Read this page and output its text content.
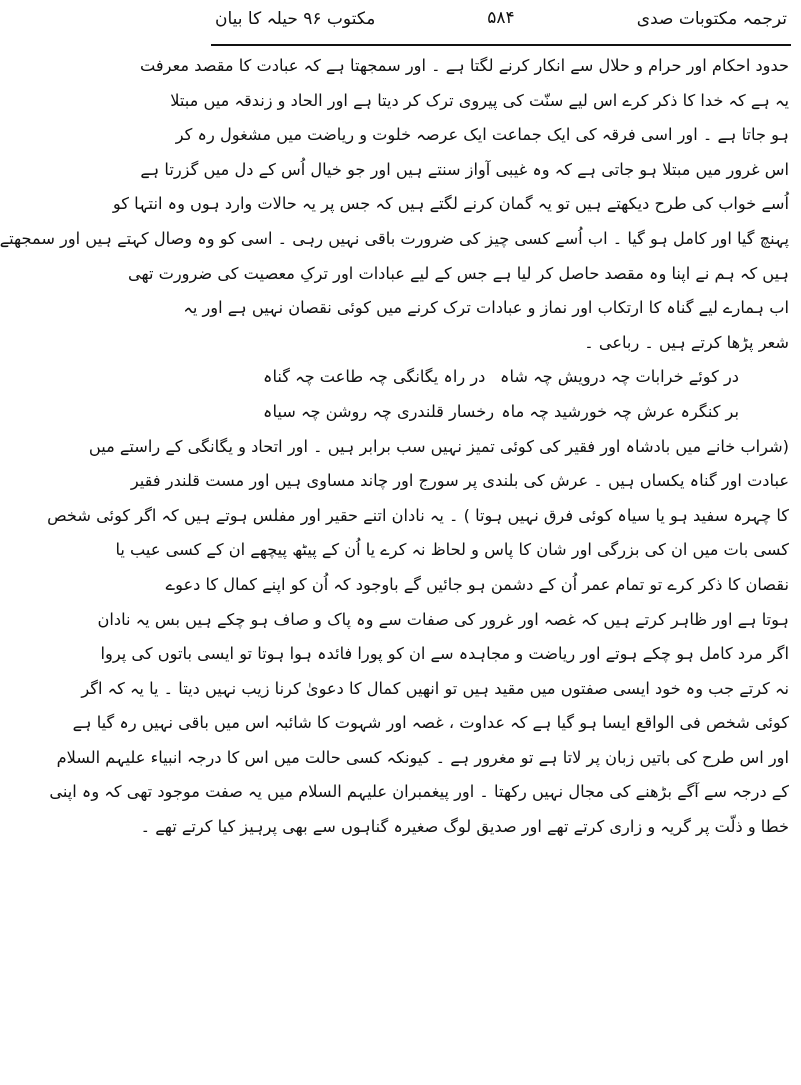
ترجمہ مکتوبات صدی
۵۸۴
مکتوب ۹۶ حیلہ کا بیان
حدود احکام اور حرام و حلال سے انکار کرنے لگتا ہے ۔ اور سمجھتا ہے کہ عبادت کا مقصد معرفت
یہ ہے کہ خدا کا ذکر کرے اس لیے سنّت کی پیروی ترک کر دیتا ہے اور الحاد و زندقہ میں مبتلا
ہو جاتا ہے ۔ اور اسی فرقہ کی ایک جماعت ایک عرصہ خلوت و ریاضت میں مشغول رہ کر
اس غرور میں مبتلا ہو جاتی ہے کہ وہ غیبی آواز سنتے ہیں اور جو خیال اُس کے دل میں گزرتا ہے
اُسے خواب کی طرح دیکھتے ہیں تو یہ گمان کرنے لگتے ہیں کہ جس پر یہ حالات وارد ہوں وہ انتہا کو
پہنچ گیا اور کامل ہو گیا ۔ اب اُسے کسی چیز کی ضرورت باقی نہیں رہی ۔ اسی کو وہ وصال کہتے ہیں اور سمجھتے
ہیں کہ ہم نے اپنا وہ مقصد حاصل کر لیا ہے جس کے لیے عبادات اور ترکِ معصیت کی ضرورت تھی
اب ہمارے لیے گناہ کا ارتکاب اور نماز و عبادات ترک کرنے میں کوئی نقصان نہیں ہے اور یہ
شعر پڑھا کرتے ہیں ۔ رباعی ۔
در کوئے خرابات چہ درویش چہ شاہ
در راہ یگانگی چہ طاعت چہ گناہ
بر کنگرہ عرش چہ خورشید چہ ماہ
رخسار قلندری چہ روشن چہ سیاہ
(شراب خانے میں بادشاہ اور فقیر کی کوئی تمیز نہیں سب برابر ہیں ۔ اور اتحاد و یگانگی کے راستے میں
عبادت اور گناہ یکساں ہیں ۔ عرش کی بلندی پر سورج اور چاند مساوی ہیں اور مست قلندر فقیر
کا چہرہ سفید ہو یا سیاہ کوئی فرق نہیں ہوتا ) ۔ یہ نادان اتنے حقیر اور مفلس ہوتے ہیں کہ اگر کوئی شخص
کسی بات میں ان کی بزرگی اور شان کا پاس و لحاظ نہ کرے یا اُن کے پیٹھ پیچھے ان کے کسی عیب یا
نقصان کا ذکر کرے تو تمام عمر اُن کے دشمن ہو جائیں گے باوجود کہ اُن کو اپنے کمال کا دعوے
ہوتا ہے اور ظاہر کرتے ہیں کہ غصہ اور غرور کی صفات سے وہ پاک و صاف ہو چکے ہیں بس یہ نادان
اگر مرد کامل ہو چکے ہوتے اور ریاضت و مجاہدہ سے ان کو پورا فائدہ ہوا ہوتا تو ایسی باتوں کی پروا
نہ کرتے جب وہ خود ایسی صفتوں میں مقید ہیں تو انھیں کمال کا دعویٰ کرنا زیب نہیں دیتا ۔ یا یہ کہ اگر
کوئی شخص فی الواقع ایسا ہو گیا ہے کہ عداوت ، غصہ اور شہوت کا شائبہ اس میں باقی نہیں رہ گیا ہے
اور اس طرح کی باتیں زبان پر لاتا ہے تو مغرور ہے ۔ کیونکہ کسی حالت میں اس کا درجہ انبیاء علیہم السلام
کے درجہ سے آگے بڑھنے کی مجال نہیں رکھتا ۔ اور پیغمبران علیہم السلام میں یہ صفت موجود تھی کہ وہ اپنی
خطا و ذلّت پر گریہ و زاری کرتے تھے اور صدیق لوگ صغیرہ گناہوں سے بھی پرہیز کیا کرتے تھے ۔
